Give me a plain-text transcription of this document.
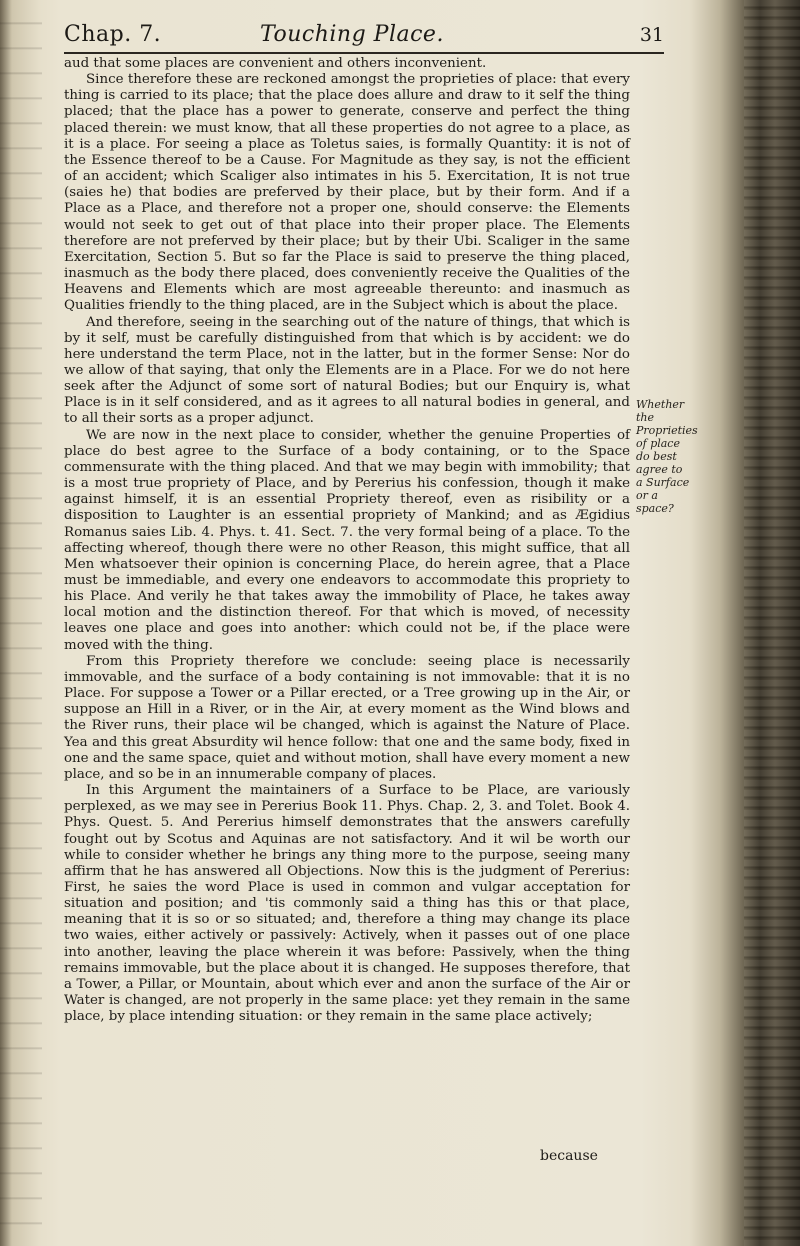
Chap. 7.	Touching Place.	31

aud that some places are convenient and others inconvenient.

Since therefore these are reckoned amongst the proprieties of place: that every thing is carried to its place; that the place does allure and draw to it self the thing placed; that the place has a power to generate, conserve and perfect the thing placed therein: we must know, that all these properties do not agree to a place, as it is a place. For seeing a place as Toletus saies, is formally Quantity: it is not of the Essence thereof to be a Cause. For Magnitude as they say, is not the efficient of an accident; which Scaliger also intimates in his 5. Exercitation, It is not true (saies he) that bodies are preferved by their place, but by their form. And if a Place as a Place, and therefore not a proper one, should conserve: the Elements would not seek to get out of that place into their proper place. The Elements therefore are not preferved by their place; but by their Ubi. Scaliger in the same Exercitation, Section 5. But so far the Place is said to preserve the thing placed, inasmuch as the body there placed, does conveniently receive the Qualities of the Heavens and Elements which are most agreeable thereunto: and inasmuch as Qualities friendly to the thing placed, are in the Subject which is about the place.

And therefore, seeing in the searching out of the nature of things, that which is by it self, must be carefully distinguished from that which is by accident: we do here understand the term Place, not in the latter, but in the former Sense: Nor do we allow of that saying, that only the Elements are in a Place. For we do not here seek after the Adjunct of some sort of natural Bodies; but our Enquiry is, what Place is in it self considered, and as it agrees to all natural bodies in general, and to all their sorts as a proper adjunct.

We are now in the next place to consider, whether the genuine Properties of place do best agree to the Surface of a body containing, or to the Space commensurate with the thing placed. And that we may begin with immobility; that is a most true propriety of Place, and by Pererius his confession, though it make against himself, it is an essential Propriety thereof, even as risibility or a disposition to Laughter is an essential propriety of Mankind; and as Ægidius Romanus saies Lib. 4. Phys. t. 41. Sect. 7. the very formal being of a place. To the affecting whereof, though there were no other Reason, this might suffice, that all Men whatsoever their opinion is concerning Place, do herein agree, that a Place must be immediable, and every one endeavors to accommodate this propriety to his Place. And verily he that takes away the immobility of Place, he takes away local motion and the distinction thereof. For that which is moved, of necessity leaves one place and goes into another: which could not be, if the place were moved with the thing.

From this Propriety therefore we conclude: seeing place is necessarily immovable, and the surface of a body containing is not immovable: that it is no Place. For suppose a Tower or a Pillar erected, or a Tree growing up in the Air, or suppose an Hill in a River, or in the Air, at every moment as the Wind blows and the River runs, their place wil be changed, which is against the Nature of Place. Yea and this great Absurdity wil hence follow: that one and the same body, fixed in one and the same space, quiet and without motion, shall have every moment a new place, and so be in an innumerable company of places.

In this Argument the maintainers of a Surface to be Place, are variously perplexed, as we may see in Pererius Book 11. Phys. Chap. 2, 3. and Tolet. Book 4. Phys. Quest. 5. And Pererius himself demonstrates that the answers carefully fought out by Scotus and Aquinas are not satisfactory. And it wil be worth our while to consider whether he brings any thing more to the purpose, seeing many affirm that he has answered all Objections. Now this is the judgment of Pererius: First, he saies the word Place is used in common and vulgar acceptation for situation and position; and 'tis commonly said a thing has this or that place, meaning that it is so or so situated; and, therefore a thing may change its place two waies, either actively or passively: Actively, when it passes out of one place into another, leaving the place wherein it was before: Passively, when the thing remains immovable, but the place about it is changed. He supposes therefore, that a Tower, a Pillar, or Mountain, about which ever and anon the surface of the Air or Water is changed, are not properly in the same place: yet they remain in the same place, by place intending situation: or they remain in the same place actively;

Whether the Proprieties of place do best agree to a Surface or a space?
because
